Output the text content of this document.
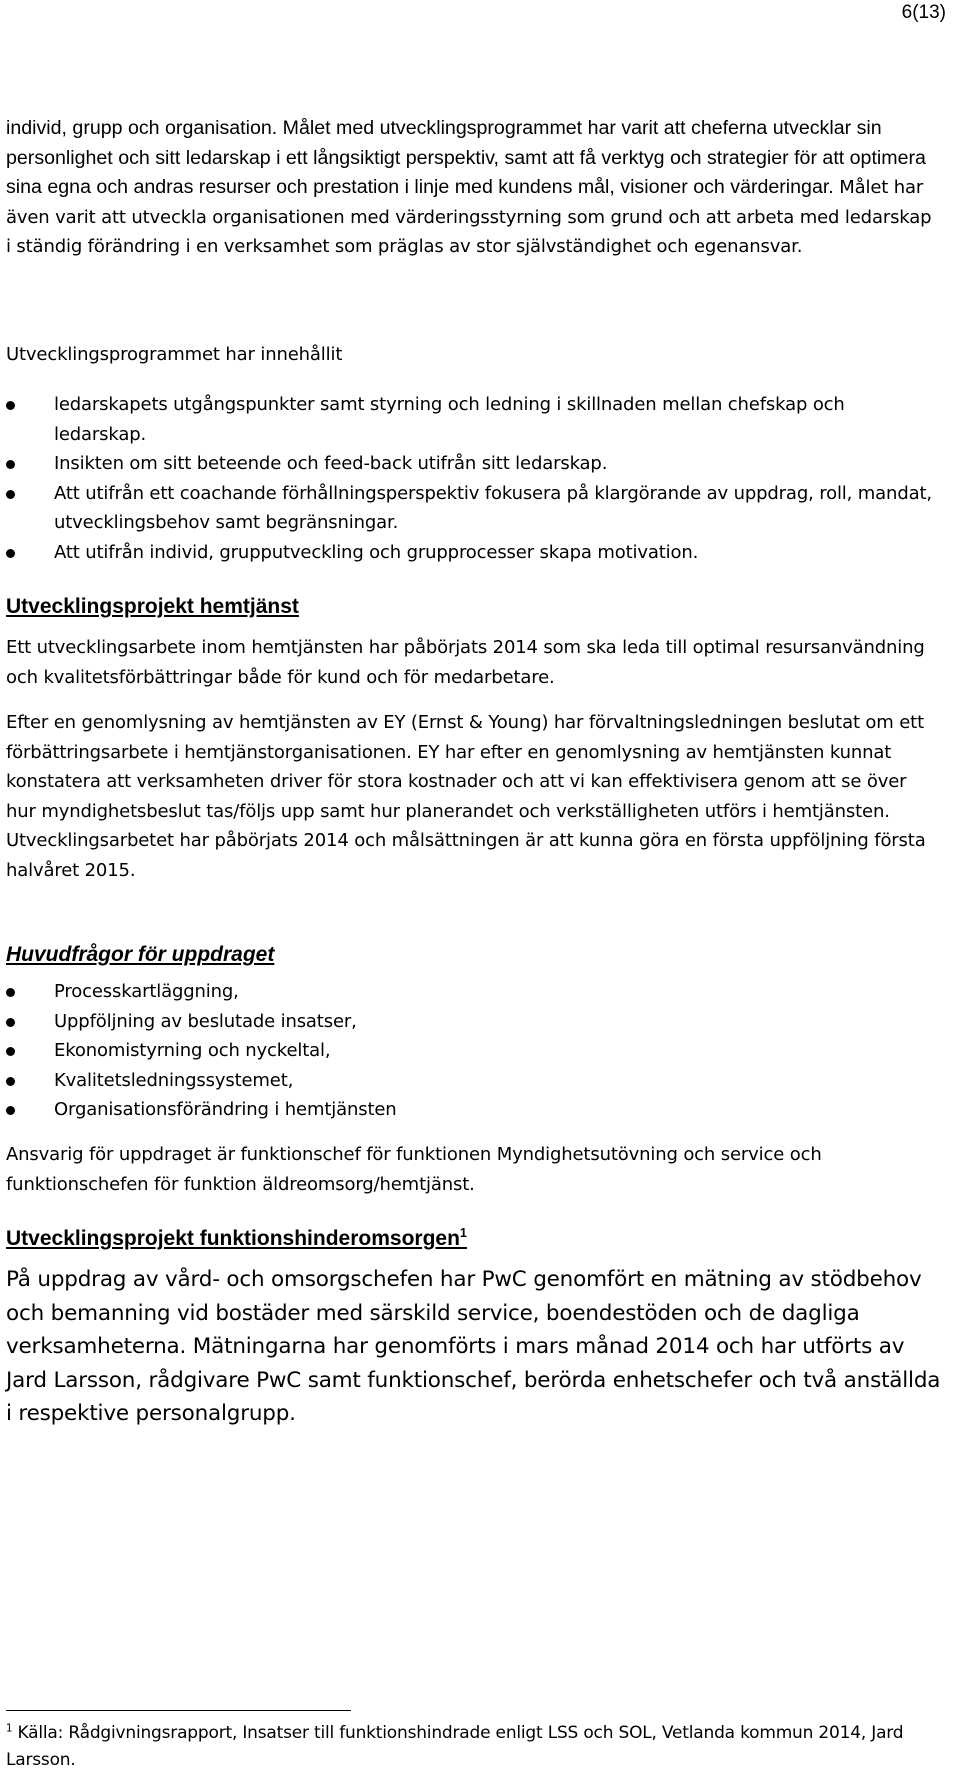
6(13)

individ, grupp och organisation. Målet med utvecklingsprogrammet har varit att cheferna utvecklar sin personlighet och sitt ledarskap i ett långsiktigt perspektiv, samt att få verktyg och strategier för att optimera sina egna och andras resurser och prestation i linje med kundens mål, visioner och värderingar. Målet har även varit att utveckla organisationen med värderingsstyrning som grund och att arbeta med ledarskap i ständig förändring i en verksamhet som präglas av stor självständighet och egenansvar.

Utvecklingsprogrammet har innehållit

ledarskapets utgångspunkter samt styrning och ledning i skillnaden mellan chefskap och ledarskap.
Insikten om sitt beteende och feed-back utifrån sitt ledarskap.
Att utifrån ett coachande förhållningsperspektiv fokusera på klargörande av uppdrag, roll, mandat, utvecklingsbehov samt begränsningar.
Att utifrån individ, grupputveckling och grupprocesser skapa motivation.

Utvecklingsprojekt hemtjänst

Ett utvecklingsarbete inom hemtjänsten har påbörjats 2014 som ska leda till optimal resursanvändning och kvalitetsförbättringar både för kund och för medarbetare.

Efter en genomlysning av hemtjänsten av EY (Ernst & Young) har förvaltningsledningen beslutat om ett förbättringsarbete i hemtjänstorganisationen. EY har efter en genomlysning av hemtjänsten kunnat konstatera att verksamheten driver för stora kostnader och att vi kan effektivisera genom att se över hur myndighetsbeslut tas/följs upp samt hur planerandet och verkställigheten utförs i hemtjänsten. Utvecklingsarbetet har påbörjats 2014 och målsättningen är att kunna göra en första uppföljning första halvåret 2015.

Huvudfrågor för uppdraget

Processkartläggning,
Uppföljning av beslutade insatser,
Ekonomistyrning och nyckeltal,
Kvalitetsledningssystemet,
Organisationsförändring i hemtjänsten

Ansvarig för uppdraget är funktionschef för funktionen Myndighetsutövning och service och funktionschefen för funktion äldreomsorg/hemtjänst.

Utvecklingsprojekt funktionshinderomsorgen$^1$

På uppdrag av vård- och omsorgschefen har PwC genomfört en mätning av stödbehov och bemanning vid bostäder med särskild service, boendestöden och de dagliga verksamheterna. Mätningarna har genomförts i mars månad 2014 och har utförts av Jard Larsson, rådgivare PwC samt funktionschef, berörda enhetschefer och två anställda i respektive personalgrupp.

$^1$ Källa: Rådgivningsrapport, Insatser till funktionshindrade enligt LSS och SOL, Vetlanda kommun 2014, Jard Larsson.
